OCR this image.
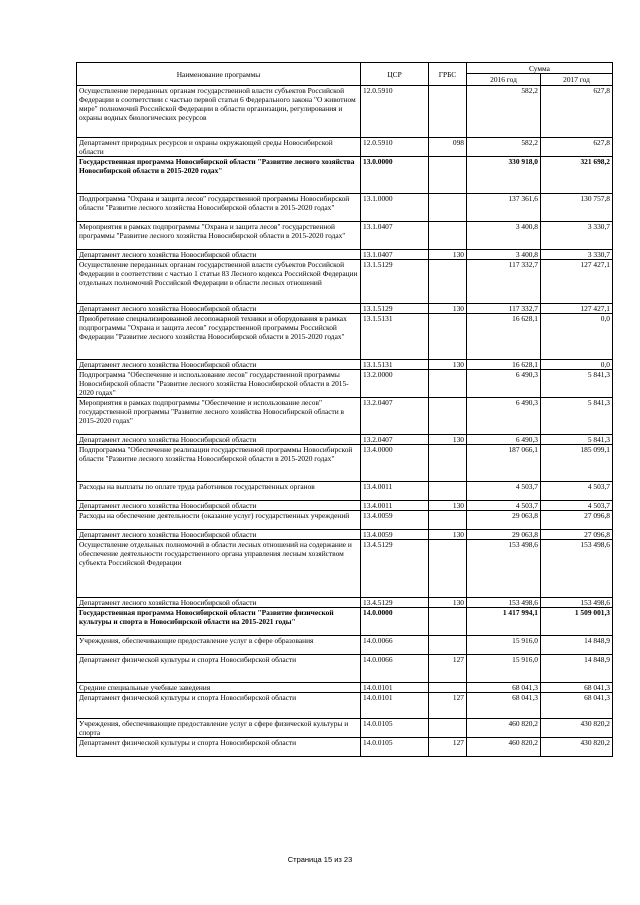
Наименование программы	ЦСР	ГРБС	Сумма	
			2016 год	2017 год
Осуществление переданных органам государственной власти субъектов Российской Федерации в соответствии с частью первой статьи 6 Федерального закона "О животном мире" полномочий Российской Федерации в области организации, регулирования и охраны водных биологических ресурсов	12.0.5910		582,2	627,8
Департамент природных ресурсов и охраны окружающей среды Новосибирской области	12.0.5910	098	582,2	627,8
Государственная программа Новосибирской области "Развитие лесного хозяйства Новосибирской области в 2015-2020 годах"	13.0.0000		330 918,0	321 698,2
Подпрограмма "Охрана и защита лесов" государственной программы Новосибирской области "Развитие лесного хозяйства Новосибирской области в 2015-2020 годах"	13.1.0000		137 361,6	130 757,8
Мероприятия в рамках подпрограммы "Охрана и защита лесов" государственной программы "Развитие лесного хозяйства Новосибирской области в 2015-2020 годах"	13.1.0407		3 400,8	3 330,7
Департамент лесного хозяйства Новосибирской области	13.1.0407	130	3 400,8	3 330,7
Осуществление переданных органам государственной власти субъектов Российской Федерации в соответствии с частью 1 статьи 83 Лесного кодекса Российской Федерации отдельных полномочий Российской Федерации в области лесных отношений	13.1.5129		117 332,7	127 427,1
Департамент лесного хозяйства Новосибирской области	13.1.5129	130	117 332,7	127 427,1
Приобретение специализированной лесопожарной техники и оборудования в рамках подпрограммы "Охрана и защита лесов" государственной программы Российской Федерации "Развитие лесного хозяйства Новосибирской области в 2015-2020 годах"	13.1.5131		16 628,1	0,0
Департамент лесного хозяйства Новосибирской области	13.1.5131	130	16 628,1	0,0
Подпрограмма "Обеспечение и использование лесов" государственной программы Новосибирской области "Развитие лесного хозяйства Новосибирской области в 2015-2020 годах"	13.2.0000		6 490,3	5 841,3
Мероприятия в рамках подпрограммы "Обеспечение и использование лесов" государственной программы "Развитие лесного хозяйства Новосибирской области в 2015-2020 годах"	13.2.0407		6 490,3	5 841,3
Департамент лесного хозяйства Новосибирской области	13.2.0407	130	6 490,3	5 841,3
Подпрограмма "Обеспечение реализации государственной программы Новосибирской области "Развитие лесного хозяйства Новосибирской области в 2015-2020 годах"	13.4.0000		187 066,1	185 099,1
Расходы на выплаты по оплате труда работников государственных органов	13.4.0011		4 503,7	4 503,7
Департамент лесного хозяйства Новосибирской области	13.4.0011	130	4 503,7	4 503,7
Расходы на обеспечение деятельности (оказание услуг) государственных учреждений	13.4.0059		29 063,8	27 096,8
Департамент лесного хозяйства Новосибирской области	13.4.0059	130	29 063,8	27 096,8
Осуществление отдельных полномочий в области лесных отношений на содержание и обеспечение деятельности государственного органа управления лесным хозяйством субъекта Российской Федерации	13.4.5129		153 498,6	153 498,6
Департамент лесного хозяйства Новосибирской области	13.4.5129	130	153 498,6	153 498,6
Государственная программа Новосибирской области "Развитие физической культуры и спорта в Новосибирской области на 2015-2021 годы"	14.0.0000		1 417 994,1	1 509 001,3
Учреждения, обеспечивающие предоставление услуг в сфере образования	14.0.0066		15 916,0	14 848,9
Департамент физической культуры и спорта Новосибирской области	14.0.0066	127	15 916,0	14 848,9
Средние специальные учебные заведения	14.0.0101		68 041,3	68 041,3
Департамент физической культуры и спорта Новосибирской области	14.0.0101	127	68 041,3	68 041,3
Учреждения, обеспечивающие предоставление услуг в сфере физической культуры и спорта	14.0.0105		460 820,2	430 820,2
Департамент физической культуры и спорта Новосибирской области	14.0.0105	127	460 820,2	430 820,2
Страница 15 из 23
